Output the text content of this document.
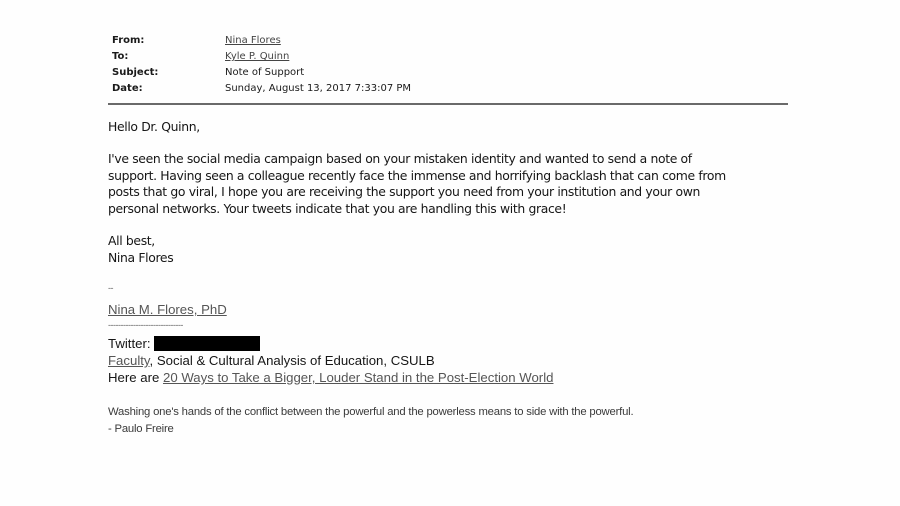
From:	Nina Flores
To:	Kyle P. Quinn
Subject:	Note of Support
Date:	Sunday, August 13, 2017 7:33:07 PM
Hello Dr. Quinn,
I've seen the social media campaign based on your mistaken identity and wanted to send a note of
support. Having seen a colleague recently face the immense and horrifying backlash that can come from
posts that go viral, I hope you are receiving the support you need from your institution and your own
personal networks. Your tweets indicate that you are handling this with grace!
All best,
Nina Flores
--
Nina M. Flores, PhD
------------------------------
Twitter:
Faculty, Social & Cultural Analysis of Education, CSULB
Here are 20 Ways to Take a Bigger, Louder Stand in the Post-Election World
Washing one's hands of the conflict between the powerful and the powerless means to side with the powerful.
- Paulo Freire
